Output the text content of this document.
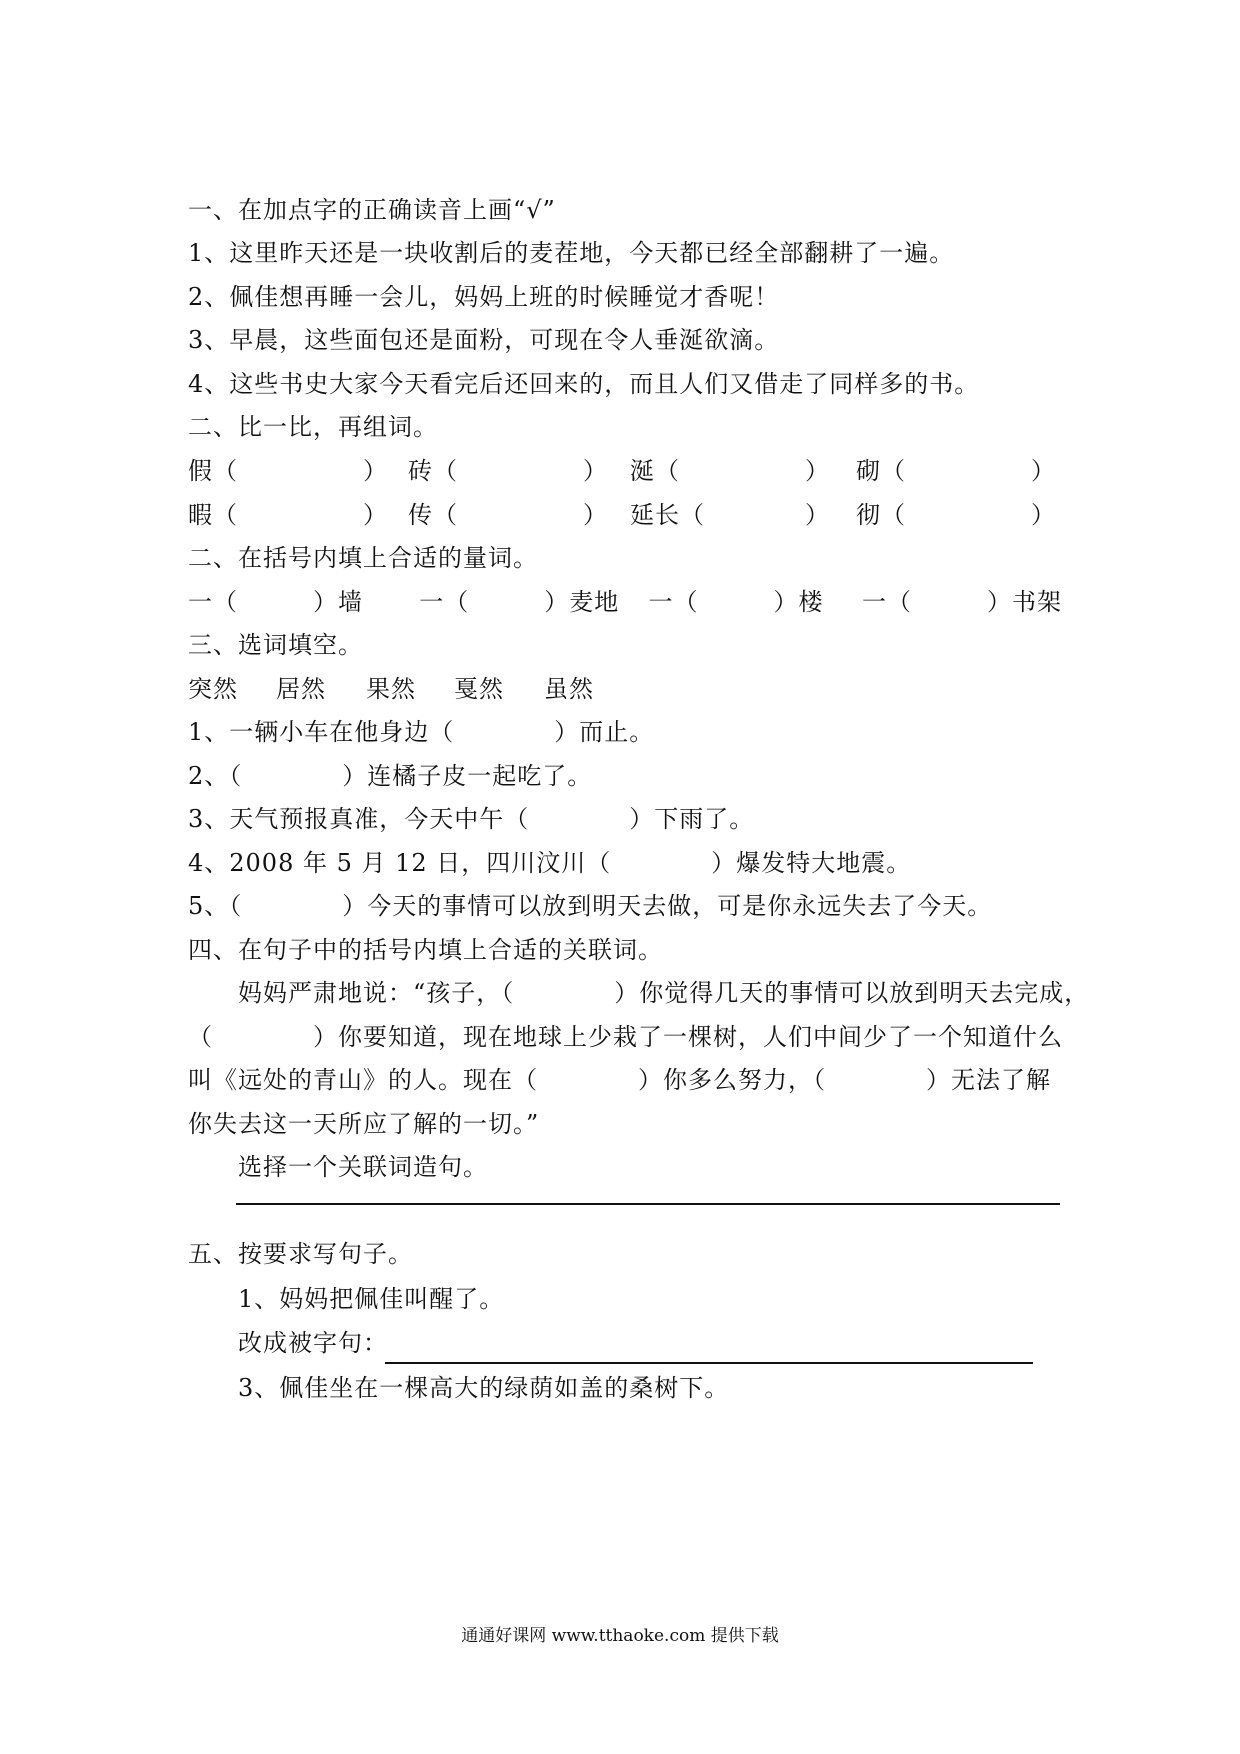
一、在加点字的正确读音上画“√”
1、这里昨天还是一块收割后的麦茬地，今天都已经全部翻耕了一遍。
2、佩佳想再睡一会儿，妈妈上班的时候睡觉才香呢！
3、早晨，这些面包还是面粉，可现在令人垂涎欲滴。
4、这些书史大家今天看完后还回来的，而且人们又借走了同样多的书。
二、比一比，再组词。
假（　　　　　） 砖（　　　　　） 涎（　　　　　）	砌（　　　　　）
暇（　　　　　） 传（　　　　　） 延长（　　　　）	彻（　　　　　）
二、在括号内填上合适的量词。
一（　　　）墙	一（　　　）麦地	一（　　　）楼	一（　　　）书架
三、选词填空。
突然	居然	果然	戛然	虽然
1、一辆小车在他身边（　　　　）而止。
2、（　　　　）连橘子皮一起吃了。
3、天气预报真准，今天中午（　　　　）下雨了。
4、2008 年 5 月 12 日，四川汶川（　　　　）爆发特大地震。
5、（　　　　）今天的事情可以放到明天去做，可是你永远失去了今天。
四、在句子中的括号内填上合适的关联词。
　　妈妈严肃地说：“孩子，（　　　　）你觉得几天的事情可以放到明天去完成，
（　　　　）你要知道，现在地球上少栽了一棵树，人们中间少了一个知道什么
叫《远处的青山》的人。现在（　　　　）你多么努力，（　　　　）无法了解
你失去这一天所应了解的一切。”
　　选择一个关联词造句。
五、按要求写句子。
　　1、妈妈把佩佳叫醒了。
　　改成被字句：
　　3、佩佳坐在一棵高大的绿荫如盖的桑树下。
通通好课网 www.tthaoke.com 提供下载
